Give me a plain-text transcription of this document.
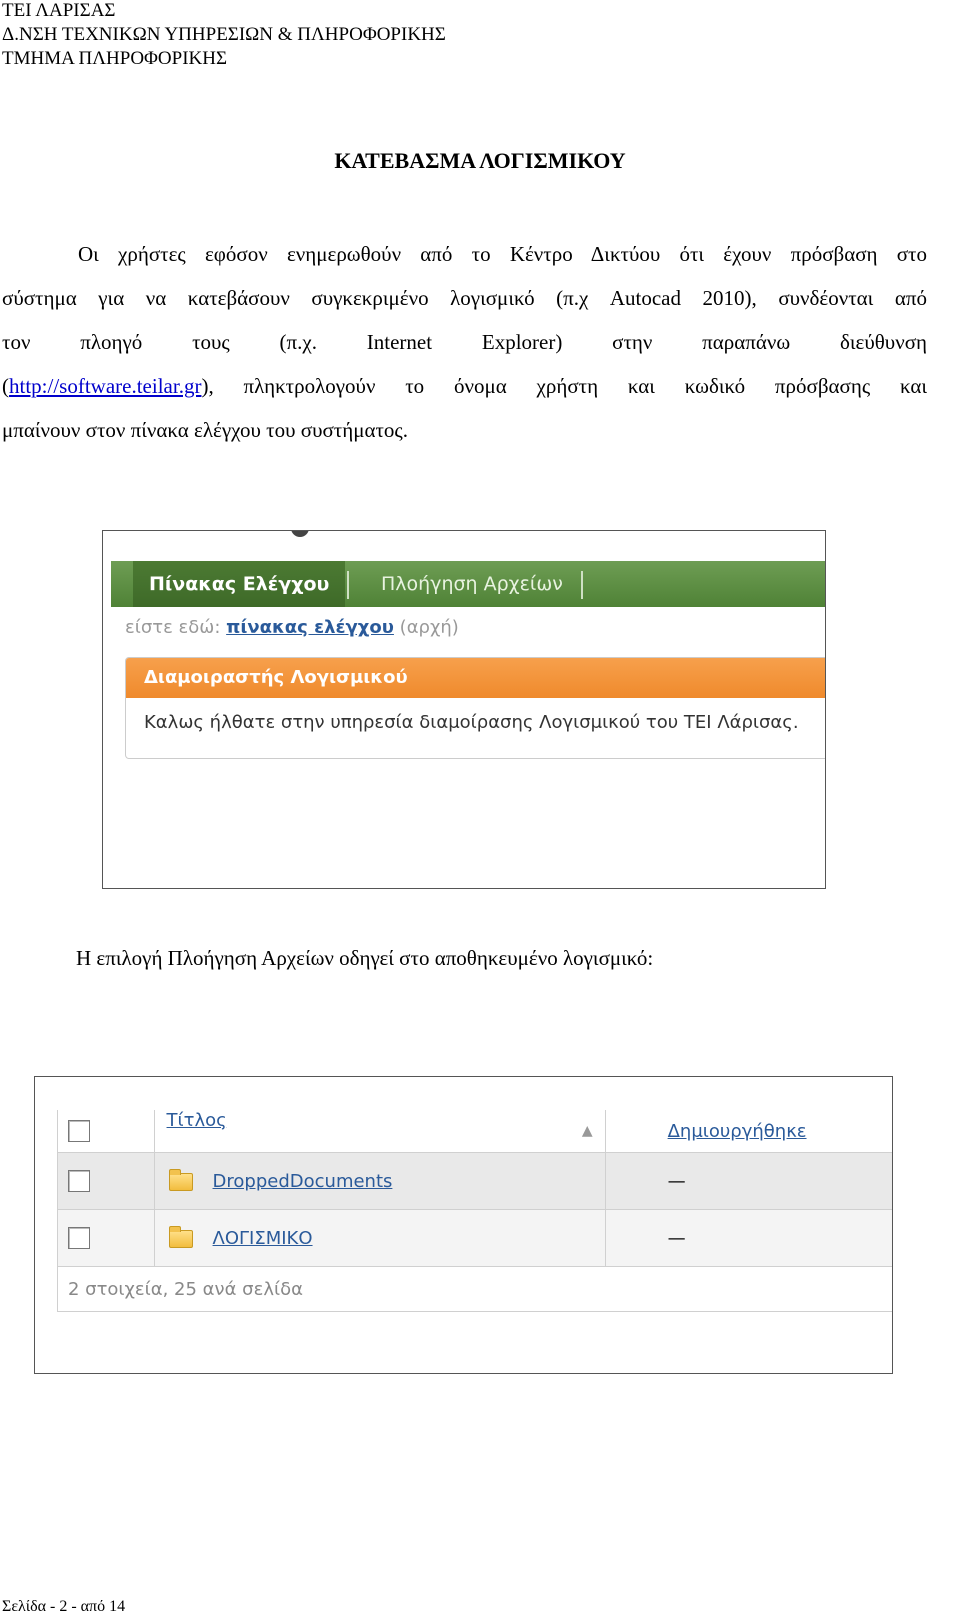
ΤΕΙ ΛΑΡΙΣΑΣ
Δ.ΝΣΗ ΤΕΧΝΙΚΩΝ ΥΠΗΡΕΣΙΩΝ & ΠΛΗΡΟΦΟΡΙΚΗΣ
ΤΜΗΜΑ ΠΛΗΡΟΦΟΡΙΚΗΣ
ΚΑΤΕΒΑΣΜΑ ΛΟΓΙΣΜΙΚΟΥ
Οι χρήστες εφόσον ενημερωθούν από το Κέντρο Δικτύου ότι έχουν πρόσβαση στο
σύστημα για να κατεβάσουν συγκεκριμένο λογισμικό (π.χ Autocad 2010), συνδέονται από
τον πλοηγό τους (π.χ. Internet Explorer) στην παραπάνω διεύθυνση
(http://software.teilar.gr), πληκτρολογούν το όνομα χρήστη και κωδικό πρόσβασης και
μπαίνουν στον πίνακα ελέγχου του συστήματος.
Πίνακας Ελέγχου	Πλοήγηση Αρχείων
είστε εδώ: πίνακας ελέγχου (αρχή)
Διαμοιραστής Λογισμικού
Καλως ήλθατε στην υπηρεσία διαμοίρασης Λογισμικού του ΤΕΙ Λάρισας.
Η επιλογή Πλοήγηση Αρχείων οδηγεί στο αποθηκευμένο λογισμικό:
	Τίτλος ▲	Δημιουργήθηκε
	DroppedDocuments	—
	ΛΟΓΙΣΜΙΚΟ	—
2 στοιχεία, 25 ανά σελίδα		
Σελίδα - 2 - από 14
